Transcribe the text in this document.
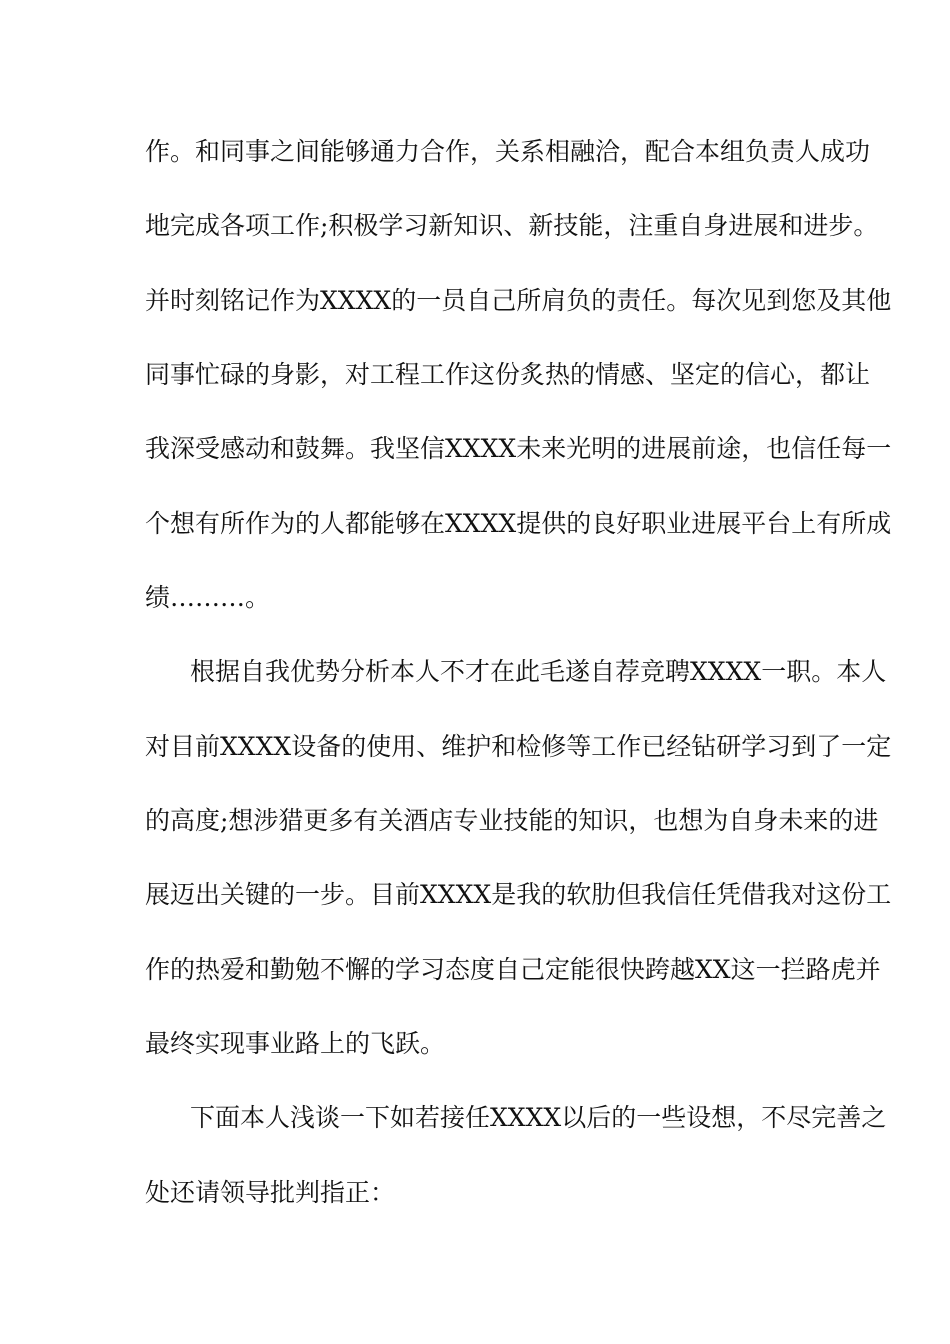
作。和同事之间能够通力合作，关系相融洽，配合本组负责人成功
地完成各项工作;积极学习新知识、新技能，注重自身进展和进步。
并时刻铭记作为XXXX的一员自己所肩负的责任。每次见到您及其他
同事忙碌的身影，对工程工作这份炙热的情感、坚定的信心，都让
我深受感动和鼓舞。我坚信XXXX未来光明的进展前途，也信任每一
个想有所作为的人都能够在XXXX提供的良好职业进展平台上有所成
绩………。
根据自我优势分析本人不才在此毛遂自荐竞聘XXXX一职。本人
对目前XXXX设备的使用、维护和检修等工作已经钻研学习到了一定
的高度;想涉猎更多有关酒店专业技能的知识，也想为自身未来的进
展迈出关键的一步。目前XXXX是我的软肋但我信任凭借我对这份工
作的热爱和勤勉不懈的学习态度自己定能很快跨越XX这一拦路虎并
最终实现事业路上的飞跃。
下面本人浅谈一下如若接任XXXX以后的一些设想，不尽完善之
处还请领导批判指正：
